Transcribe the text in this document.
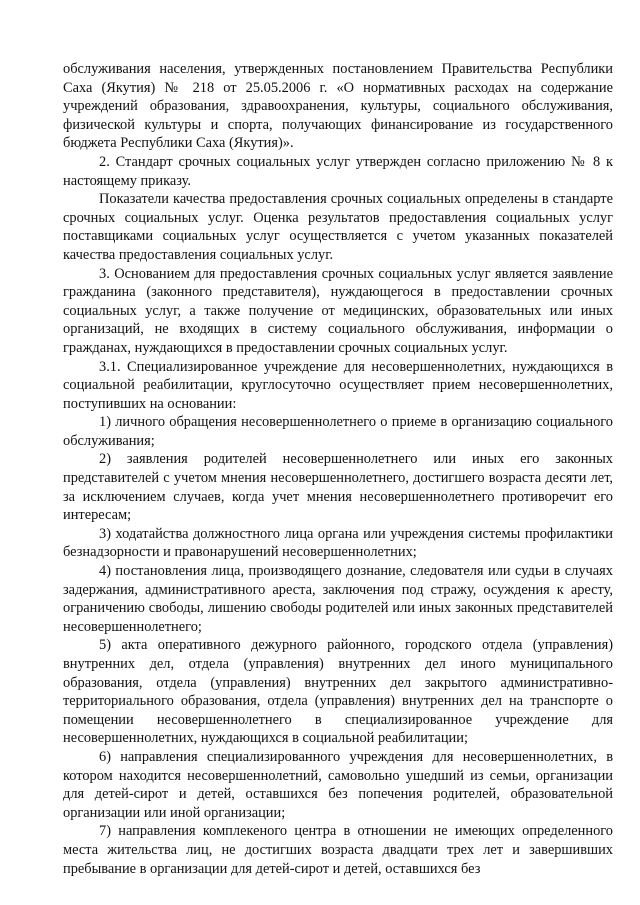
обслуживания населения, утвержденных постановлением Правительства Республики Саха (Якутия) № 218 от 25.05.2006 г. «О нормативных расходах на содержание учреждений образования, здравоохранения, культуры, социального обслуживания, физической культуры и спорта, получающих финансирование из государственного бюджета Республики Саха (Якутия)».

2. Стандарт срочных социальных услуг утвержден согласно приложению № 8 к настоящему приказу.

Показатели качества предоставления срочных социальных определены в стандарте срочных социальных услуг. Оценка результатов предоставления социальных услуг поставщиками социальных услуг осуществляется с учетом указанных показателей качества предоставления социальных услуг.

3. Основанием для предоставления срочных социальных услуг является заявление гражданина (законного представителя), нуждающегося в предоставлении срочных социальных услуг, а также получение от медицинских, образовательных или иных организаций, не входящих в систему социального обслуживания, информации о гражданах, нуждающихся в предоставлении срочных социальных услуг.

3.1. Специализированное учреждение для несовершеннолетних, нуждающихся в социальной реабилитации, круглосуточно осуществляет прием несовершеннолетних, поступивших на основании:

1) личного обращения несовершеннолетнего о приеме в организацию социального обслуживания;

2) заявления родителей несовершеннолетнего или иных его законных представителей с учетом мнения несовершеннолетнего, достигшего возраста десяти лет, за исключением случаев, когда учет мнения несовершеннолетнего противоречит его интересам;

3) ходатайства должностного лица органа или учреждения системы профилактики безнадзорности и правонарушений несовершеннолетних;

4) постановления лица, производящего дознание, следователя или судьи в случаях задержания, административного ареста, заключения под стражу, осуждения к аресту, ограничению свободы, лишению свободы родителей или иных законных представителей несовершеннолетнего;

5) акта оперативного дежурного районного, городского отдела (управления) внутренних дел, отдела (управления) внутренних дел иного муниципального образования, отдела (управления) внутренних дел закрытого административно-территориального образования, отдела (управления) внутренних дел на транспорте о помещении несовершеннолетнего в специализированное учреждение для несовершеннолетних, нуждающихся в социальной реабилитации;

6) направления специализированного учреждения для несовершеннолетних, в котором находится несовершеннолетний, самовольно ушедший из семьи, организации для детей-сирот и детей, оставшихся без попечения родителей, образовательной организации или иной организации;

7) направления комплекеного центра в отношении не имеющих определенного места жительства лиц, не достигших возраста двадцати трех лет и завершивших пребывание в организации для детей-сирот и детей, оставшихся без
